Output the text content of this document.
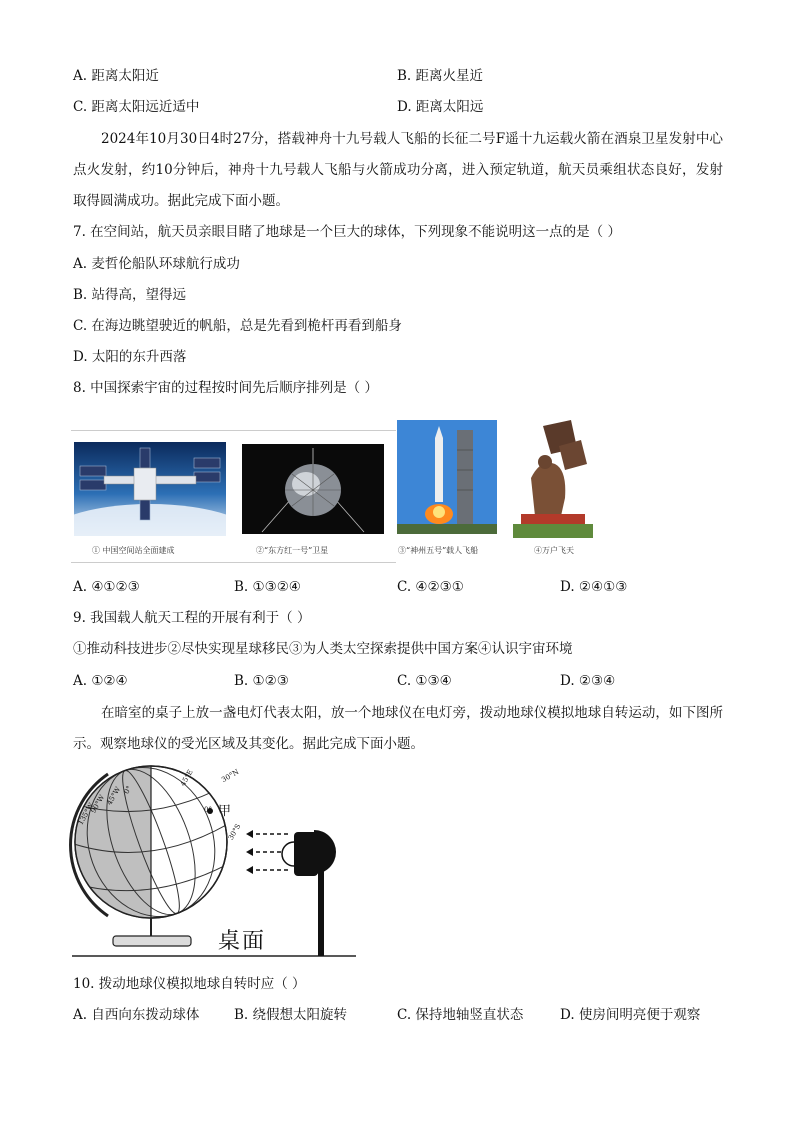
A. 距离太阳近	B. 距离火星近
C. 距离太阳远近适中	D. 距离太阳远
2024年10月30日4时27分，搭载神舟十九号载人飞船的长征二号F遥十九运载火箭在酒泉卫星发射中心点火发射，约10分钟后，神舟十九号载人飞船与火箭成功分离，进入预定轨道，航天员乘组状态良好，发射取得圆满成功。据此完成下面小题。
7. 在空间站，航天员亲眼目睹了地球是一个巨大的球体，下列现象不能说明这一点的是（ ）
A. 麦哲伦船队环球航行成功
B. 站得高，望得远
C. 在海边眺望驶近的帆船，总是先看到桅杆再看到船身
D. 太阳的东升西落
8. 中国探索宇宙的过程按时间先后顺序排列是（ ）
① 中国空间站全面建成	②“东方红一号”卫星	③“神州五号”载人飞船	④万户飞天
A. ④①②③	B. ①③②④	C. ④②③①	D. ②④①③
9. 我国载人航天工程的开展有利于（ ）
①推动科技进步②尽快实现星球移民③为人类太空探索提供中国方案④认识宇宙环境
A. ①②④	B. ①②③	C. ①③④	D. ②③④
在暗室的桌子上放一盏电灯代表太阳，放一个地球仪在电灯旁，拨动地球仪模拟地球自转运动，如下图所示。观察地球仪的受光区域及其变化。据此完成下面小题。
30°N
0°
30°S
135°W
90°W 45°W 0°
45°E
甲
桌面
10. 拨动地球仪模拟地球自转时应（ ）
A. 自西向东拨动球体	B. 绕假想太阳旋转	C. 保持地轴竖直状态	D. 使房间明亮便于观察
